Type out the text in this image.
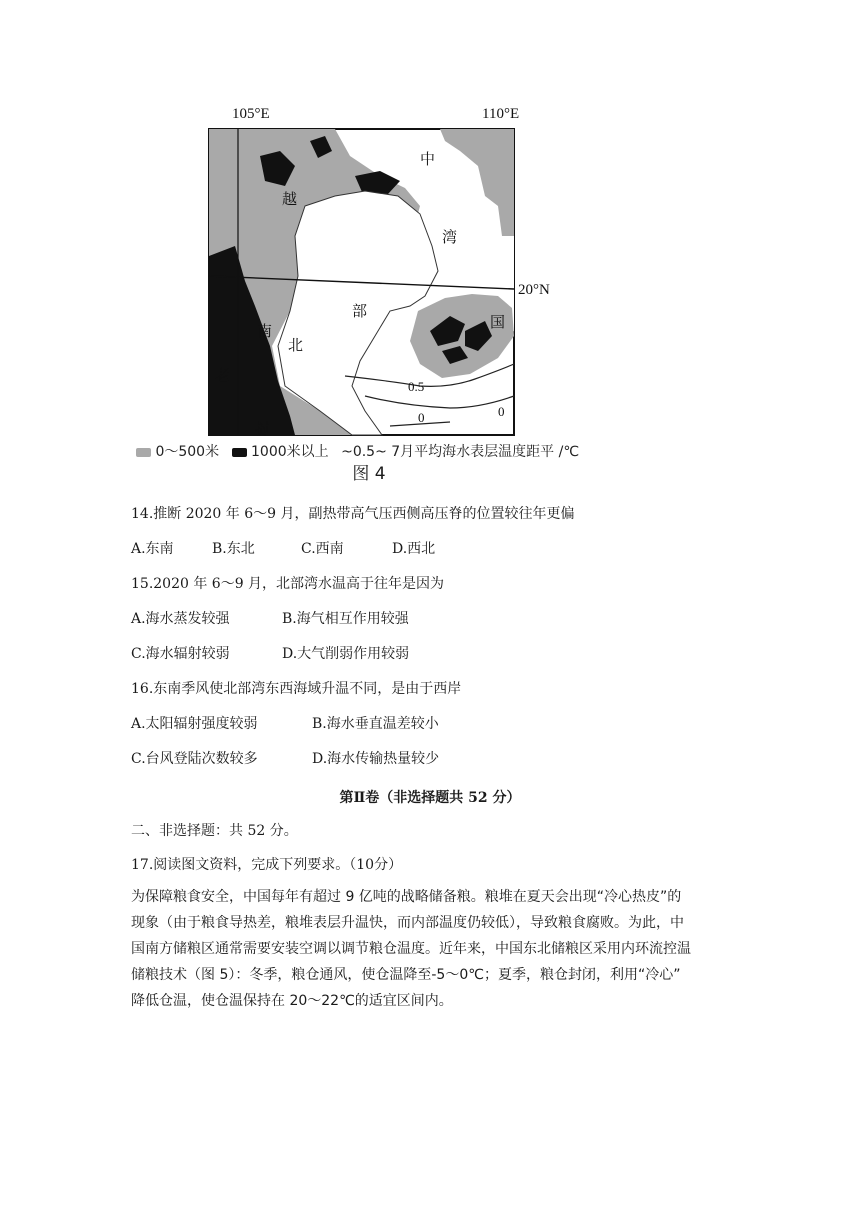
105°E	110°E
20°N
中
越
湾
部
北
国
南
老
挝
0.5
0	0
0～500米 1000米以上 ~0.5~ 7月平均海水表层温度距平 /℃
图 4
14.推断 2020 年 6～9 月，副热带高气压西侧高压脊的位置较往年更偏
A.东南	B.东北	C.西南	D.西北
15.2020 年 6～9 月，北部湾水温高于往年是因为
A.海水蒸发较强	B.海气相互作用较强
C.海水辐射较弱	D.大气削弱作用较弱
16.东南季风使北部湾东西海域升温不同，是由于西岸
A.太阳辐射强度较弱	B.海水垂直温差较小
C.台风登陆次数较多	D.海水传输热量较少
第Ⅱ卷（非选择题共 52 分）
二、非选择题：共 52 分。
17.阅读图文资料，完成下列要求。（10分）
为保障粮食安全，中国每年有超过 9 亿吨的战略储备粮。粮堆在夏天会出现“冷心热皮”的
现象（由于粮食导热差，粮堆表层升温快，而内部温度仍较低），导致粮食腐败。为此，中
国南方储粮区通常需要安装空调以调节粮仓温度。近年来，中国东北储粮区采用内环流控温
储粮技术（图 5）：冬季，粮仓通风，使仓温降至-5～0℃；夏季，粮仓封闭，利用“冷心”
降低仓温，使仓温保持在 20～22℃的适宜区间内。
